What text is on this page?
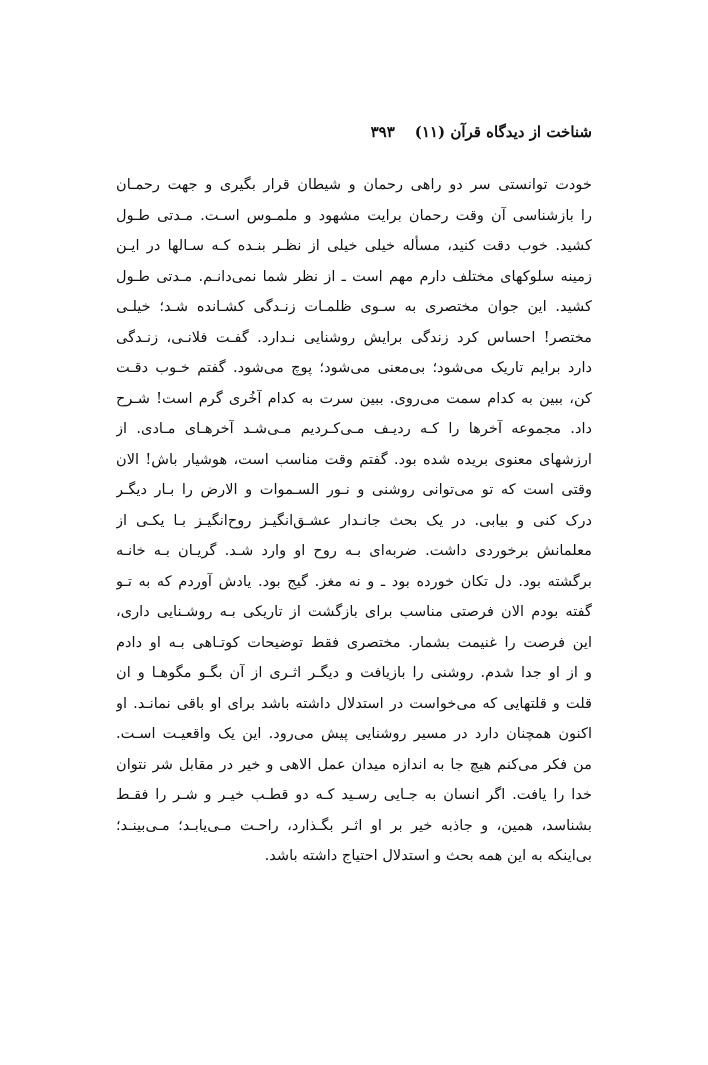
شناخت از دیدگاه قرآن (۱۱)
۳۹۳
خودت توانستی سر دو راهی رحمان و شیطان قرار بگیری و جهت رحمـان
را بازشناسی آن وقت رحمان برایت مشهود و ملمـوس اسـت. مـدتی طـول
کشید. خوب دقت کنید، مسأله خیلی خیلی از نظـر بنـده کـه سـالها در ایـن
زمینه سلوکهای مختلف دارم مهم است ـ از نظر شما نمی‌دانـم. مـدتی طـول
کشید. این جوان مختصری به سـوی ظلمـات زنـدگی کشـانده شـد؛ خیلـی
مختصر! احساس کرد زندگی برایش روشنایی نـدارد. گفـت فلانـی، زنـدگی
دارد برایم تاریک می‌شود؛ بی‌معنی می‌شود؛ پوچ می‌شود. گفتم خـوب دقـت
کن، ببین به کدام سمت می‌روی. ببین سرت به کدام آخُری گرم است! شـرح
داد. مجموعه آخرها را کـه ردیـف مـی‌کـردیم مـی‌شـد آخرهـای مـادی. از
ارزشهای معنوی بریده شده بود. گفتم وقت مناسب است، هوشیار باش! الان
وقتی است که تو می‌توانی روشنی و نـور السـموات و الارض را بـار دیگـر
درک کنی و بیابی. در یک بحث جانـدار عشـق‌انگیـز روح‌انگیـز بـا یکـی از
معلمانش برخوردی داشت. ضربه‌ای بـه روح او وارد شـد. گریـان بـه خانـه
برگشته بود. دل تکان خورده بود ـ و نه مغز. گیج بود. یادش آوردم که به تـو
گفته بودم الان فرصتی مناسب برای بازگشت از تاریکی بـه روشـنایی داری،
این فرصت را غنیمت بشمار. مختصری فقط توضیحات کوتـاهی بـه او دادم
و از او جدا شدم. روشنی را بازیافت و دیگـر اثـری از آن بگـو مگوهـا و ان
قلت و قلتهایی که می‌خواست در استدلال داشته باشد برای او باقی نمانـد. او
اکنون همچنان دارد در مسیر روشنایی پیش می‌رود. این یک واقعیـت اسـت.
من فکر می‌کنم هیچ جا به اندازه میدان عمل الاهی و خیر در مقابل شر نتوان
خدا را یافت. اگر انسان به جـایی رسـید کـه دو قطـب خیـر و شـر را فقـط
بشناسد، همین، و جاذبه خیر بر او اثـر بگـذارد، راحـت مـی‌یابـد؛ مـی‌بینـد؛
بی‌اینکه به این همه بحث و استدلال احتیاج داشته باشد.
